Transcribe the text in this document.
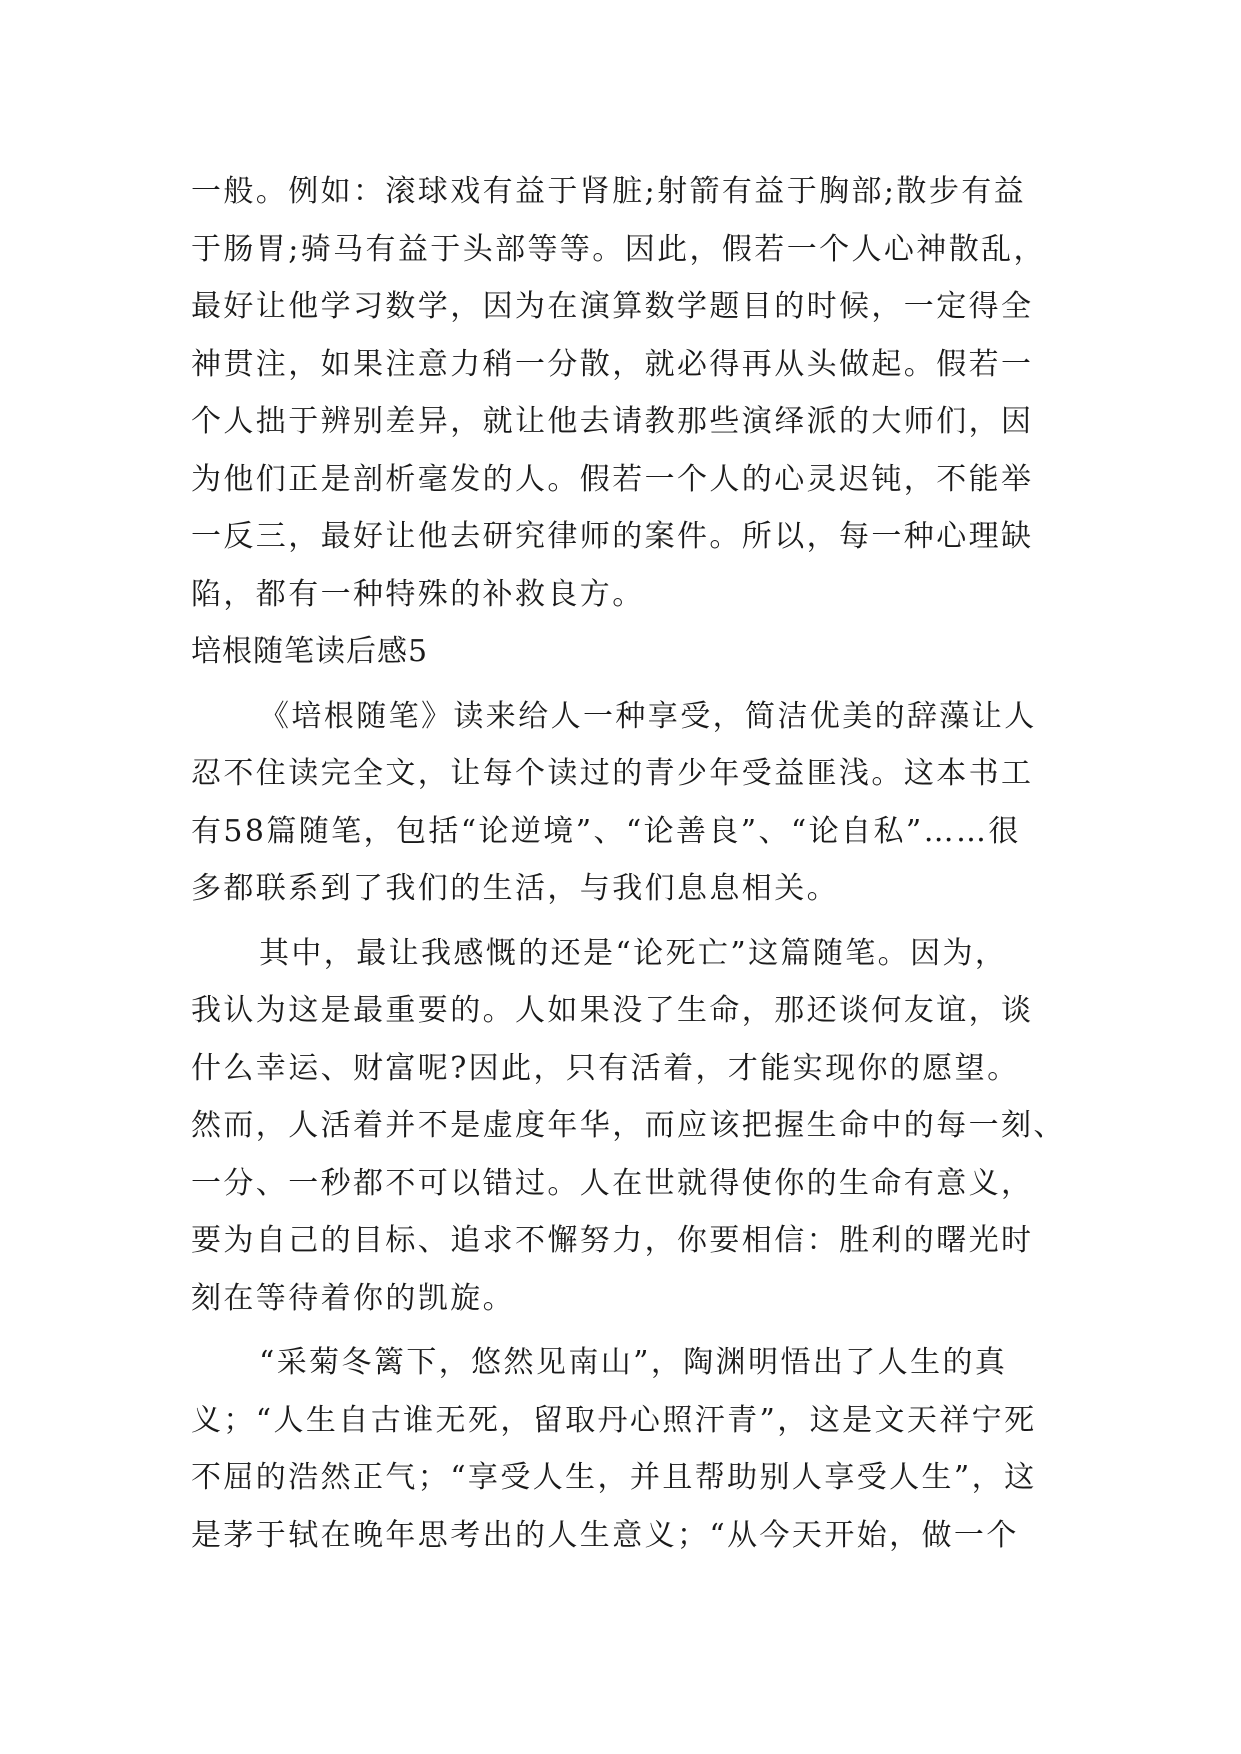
一般。例如：滚球戏有益于肾脏;射箭有益于胸部;散步有益
于肠胃;骑马有益于头部等等。因此，假若一个人心神散乱，
最好让他学习数学，因为在演算数学题目的时候，一定得全
神贯注，如果注意力稍一分散，就必得再从头做起。假若一
个人拙于辨别差异，就让他去请教那些演绎派的大师们，因
为他们正是剖析毫发的人。假若一个人的心灵迟钝，不能举
一反三，最好让他去研究律师的案件。所以，每一种心理缺
陷，都有一种特殊的补救良方。
培根随笔读后感5
《培根随笔》读来给人一种享受，简洁优美的辞藻让人
忍不住读完全文，让每个读过的青少年受益匪浅。这本书工
有58篇随笔，包括“论逆境”、“论善良”、“论自私”……很
多都联系到了我们的生活，与我们息息相关。
其中，最让我感慨的还是“论死亡”这篇随笔。因为，
我认为这是最重要的。人如果没了生命，那还谈何友谊，谈
什么幸运、财富呢?因此，只有活着，才能实现你的愿望。
然而，人活着并不是虚度年华，而应该把握生命中的每一刻、
一分、一秒都不可以错过。人在世就得使你的生命有意义，
要为自己的目标、追求不懈努力，你要相信：胜利的曙光时
刻在等待着你的凯旋。
“采菊冬篱下，悠然见南山”，陶渊明悟出了人生的真
义；“人生自古谁无死，留取丹心照汗青”，这是文天祥宁死
不屈的浩然正气；“享受人生，并且帮助别人享受人生”，这
是茅于轼在晚年思考出的人生意义；“从今天开始，做一个
